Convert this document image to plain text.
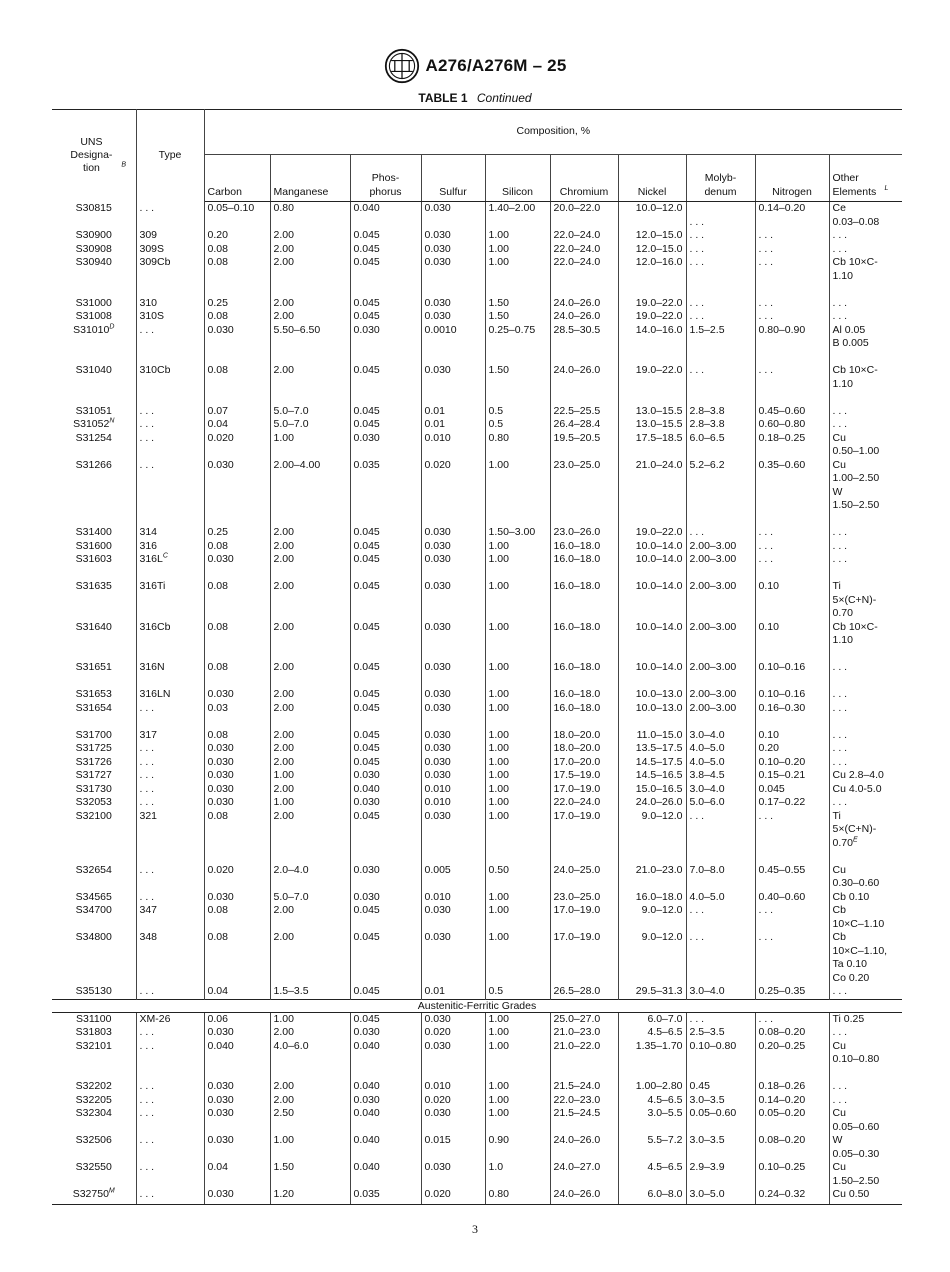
A276/A276M – 25
TABLE 1 Continued
UNS Designa- tion $^B$	Type	Composition, %									
		Carbon	Manganese	Phos- phorus	Sulfur	Silicon	Chromium	Nickel	Molyb- denum	Nitrogen	Other Elements $^L$
S30815	. . .	0.05–0.10	0.80	0.040	0.030	1.40–2.00	20.0–22.0	10.0–12.0	. . .	0.14–0.20	Ce
0.03–0.08
S30900	309	0.20	2.00	0.045	0.030	1.00	22.0–24.0	12.0–15.0	. . .	. . .	. . .
S30908	309S	0.08	2.00	0.045	0.030	1.00	22.0–24.0	12.0–15.0	. . .	. . .	. . .
S30940	309Cb	0.08	2.00	0.045	0.030	1.00	22.0–24.0	12.0–16.0	. . .	. . .	Cb 10×C-
1.10
S31000	310	0.25	2.00	0.045	0.030	1.50	24.0–26.0	19.0–22.0	. . .	. . .	. . .
S31008	310S	0.08	2.00	0.045	0.030	1.50	24.0–26.0	19.0–22.0	. . .	. . .	. . .
$S31010^D$	. . .	0.030	5.50–6.50	0.030	0.0010	0.25–0.75	28.5–30.5	14.0–16.0	1.5–2.5	0.80–0.90	Al 0.05
B 0.005
S31040	310Cb	0.08	2.00	0.045	0.030	1.50	24.0–26.0	19.0–22.0	. . .	. . .	Cb 10×C-
1.10
S31051	. . .	0.07	5.0–7.0	0.045	0.01	0.5	22.5–25.5	13.0–15.5	2.8–3.8	0.45–0.60	. . .
$S31052^N$	. . .	0.04	5.0–7.0	0.045	0.01	0.5	26.4–28.4	13.0–15.5	2.8–3.8	0.60–0.80	. . .
S31254	. . .	0.020	1.00	0.030	0.010	0.80	19.5–20.5	17.5–18.5	6.0–6.5	0.18–0.25	Cu
0.50–1.00
S31266	. . .	0.030	2.00–4.00	0.035	0.020	1.00	23.0–25.0	21.0–24.0	5.2–6.2	0.35–0.60	Cu
1.00–2.50
W
1.50–2.50
S31400	314	0.25	2.00	0.045	0.030	1.50–3.00	23.0–26.0	19.0–22.0	. . .	. . .	. . .
S31600	316	0.08	2.00	0.045	0.030	1.00	16.0–18.0	10.0–14.0	2.00–3.00	. . .	. . .
S31603	$316L^C$	0.030	2.00	0.045	0.030	1.00	16.0–18.0	10.0–14.0	2.00–3.00	. . .	. . .
S31635	316Ti	0.08	2.00	0.045	0.030	1.00	16.0–18.0	10.0–14.0	2.00–3.00	0.10	Ti
5×(C+N)-
0.70
S31640	316Cb	0.08	2.00	0.045	0.030	1.00	16.0–18.0	10.0–14.0	2.00–3.00	0.10	Cb 10×C-
1.10
S31651	316N	0.08	2.00	0.045	0.030	1.00	16.0–18.0	10.0–14.0	2.00–3.00	0.10–0.16	. . .
S31653	316LN	0.030	2.00	0.045	0.030	1.00	16.0–18.0	10.0–13.0	2.00–3.00	0.10–0.16	. . .
S31654	. . .	0.03	2.00	0.045	0.030	1.00	16.0–18.0	10.0–13.0	2.00–3.00	0.16–0.30	. . .
S31700	317	0.08	2.00	0.045	0.030	1.00	18.0–20.0	11.0–15.0	3.0–4.0	0.10	. . .
S31725	. . .	0.030	2.00	0.045	0.030	1.00	18.0–20.0	13.5–17.5	4.0–5.0	0.20	. . .
S31726	. . .	0.030	2.00	0.045	0.030	1.00	17.0–20.0	14.5–17.5	4.0–5.0	0.10–0.20	. . .
S31727	. . .	0.030	1.00	0.030	0.030	1.00	17.5–19.0	14.5–16.5	3.8–4.5	0.15–0.21	Cu 2.8–4.0
S31730	. . .	0.030	2.00	0.040	0.010	1.00	17.0–19.0	15.0–16.5	3.0–4.0	0.045	Cu 4.0-5.0
S32053	. . .	0.030	1.00	0.030	0.010	1.00	22.0–24.0	24.0–26.0	5.0–6.0	0.17–0.22	. . .
S32100	321	0.08	2.00	0.045	0.030	1.00	17.0–19.0	9.0–12.0	. . .	. . .	Ti
5×(C+N)-
$0.70^E$
S32654	. . .	0.020	2.0–4.0	0.030	0.005	0.50	24.0–25.0	21.0–23.0	7.0–8.0	0.45–0.55	Cu
0.30–0.60
S34565	. . .	0.030	5.0–7.0	0.030	0.010	1.00	23.0–25.0	16.0–18.0	4.0–5.0	0.40–0.60	Cb 0.10
S34700	347	0.08	2.00	0.045	0.030	1.00	17.0–19.0	9.0–12.0	. . .	. . .	Cb
10×C–1.10
S34800	348	0.08	2.00	0.045	0.030	1.00	17.0–19.0	9.0–12.0	. . .	. . .	Cb
10×C–1.10,
Ta 0.10
Co 0.20
S35130	. . .	0.04	1.5–3.5	0.045	0.01	0.5	26.5–28.0	29.5–31.3	3.0–4.0	0.25–0.35	. . .
Austenitic-Ferritic Grades											
S31100	XM-26	0.06	1.00	0.045	0.030	1.00	25.0–27.0	6.0–7.0	. . .	. . .	Ti 0.25
S31803	. . .	0.030	2.00	0.030	0.020	1.00	21.0–23.0	4.5–6.5	2.5–3.5	0.08–0.20	. . .
S32101	. . .	0.040	4.0–6.0	0.040	0.030	1.00	21.0–22.0	1.35–1.70	0.10–0.80	0.20–0.25	Cu
0.10–0.80
S32202	. . .	0.030	2.00	0.040	0.010	1.00	21.5–24.0	1.00–2.80	0.45	0.18–0.26	. . .
S32205	. . .	0.030	2.00	0.030	0.020	1.00	22.0–23.0	4.5–6.5	3.0–3.5	0.14–0.20	. . .
S32304	. . .	0.030	2.50	0.040	0.030	1.00	21.5–24.5	3.0–5.5	0.05–0.60	0.05–0.20	Cu
0.05–0.60
S32506	. . .	0.030	1.00	0.040	0.015	0.90	24.0–26.0	5.5–7.2	3.0–3.5	0.08–0.20	W
0.05–0.30
S32550	. . .	0.04	1.50	0.040	0.030	1.0	24.0–27.0	4.5–6.5	2.9–3.9	0.10–0.25	Cu
1.50–2.50
$S32750^M$	. . .	0.030	1.20	0.035	0.020	0.80	24.0–26.0	6.0–8.0	3.0–5.0	0.24–0.32	Cu 0.50
3
